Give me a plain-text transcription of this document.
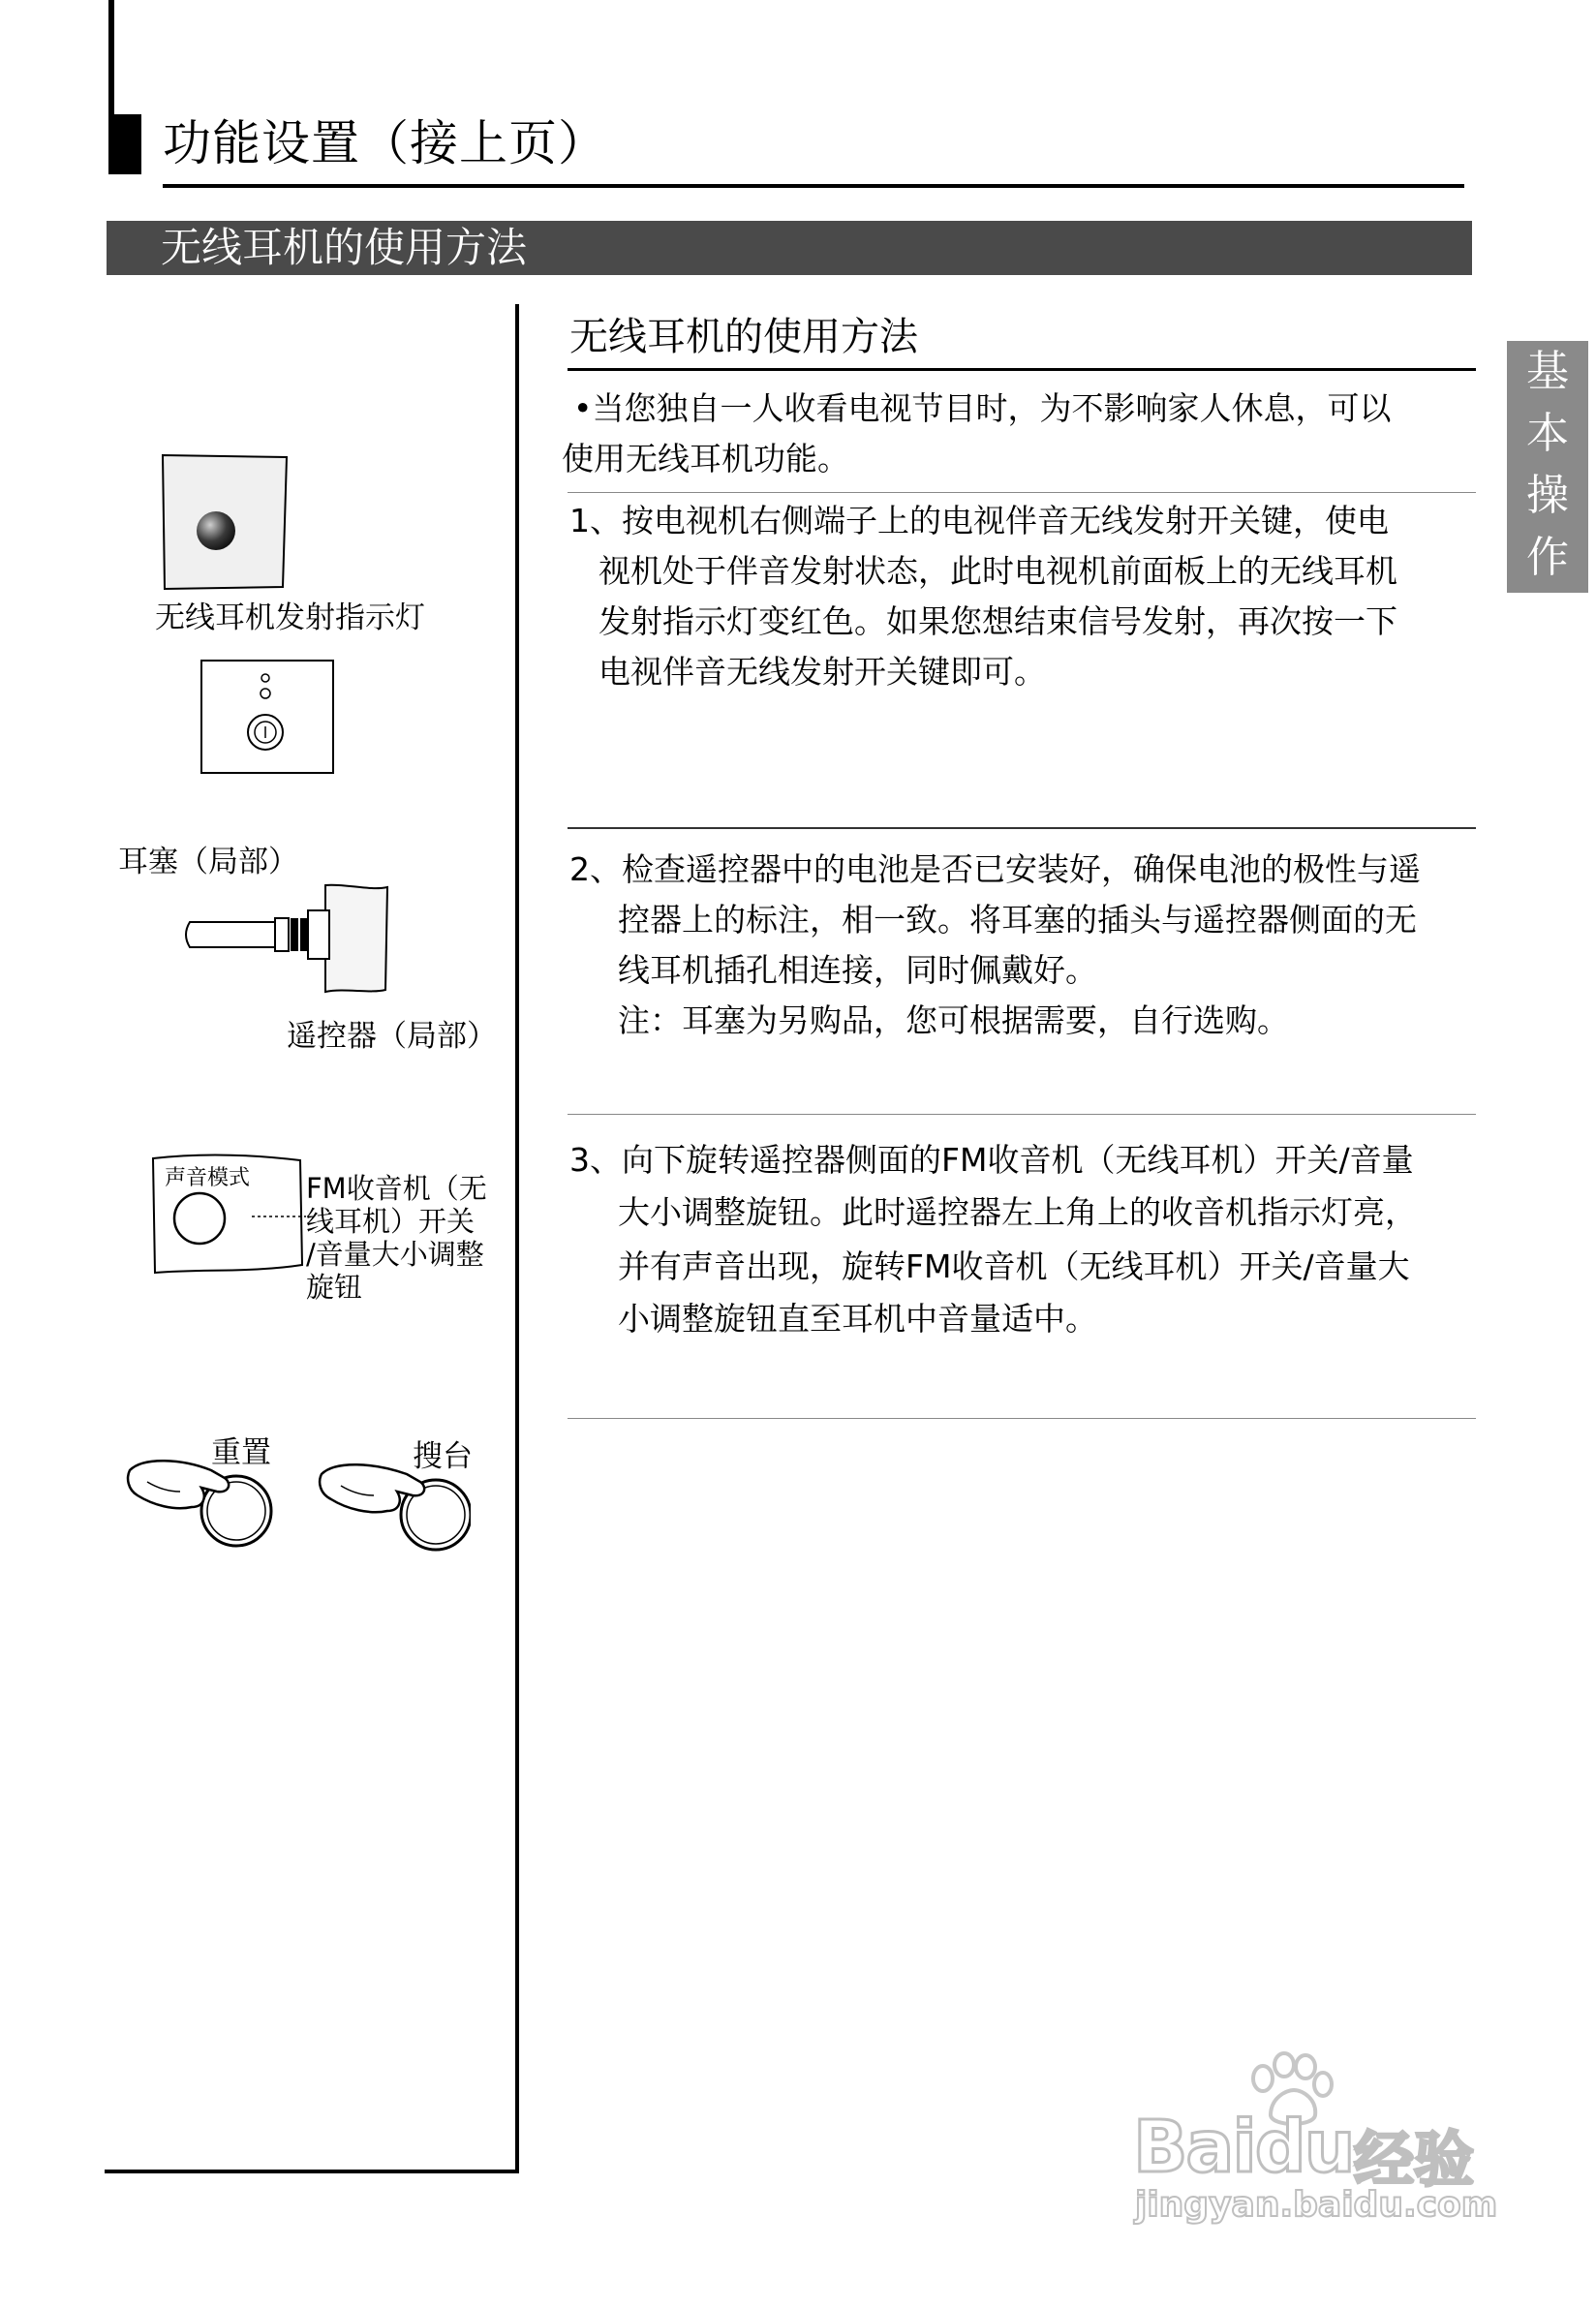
功能设置（接上页）
无线耳机的使用方法
基
本
操
作
无线耳机的使用方法
•当您独自一人收看电视节目时，为不影响家人休息，可以
使用无线耳机功能。
1、按电视机右侧端子上的电视伴音无线发射开关键，使电
视机处于伴音发射状态，此时电视机前面板上的无线耳机
发射指示灯变红色。如果您想结束信号发射，再次按一下
电视伴音无线发射开关键即可。
2、检查遥控器中的电池是否已安装好，确保电池的极性与遥
控器上的标注，相一致。将耳塞的插头与遥控器侧面的无
线耳机插孔相连接，同时佩戴好。
注：耳塞为另购品，您可根据需要，自行选购。
3、向下旋转遥控器侧面的FM收音机（无线耳机）开关/音量
大小调整旋钮。此时遥控器左上角上的收音机指示灯亮，
并有声音出现，旋转FM收音机（无线耳机）开关/音量大
小调整旋钮直至耳机中音量适中。
无线耳机发射指示灯
耳塞（局部）
遥控器（局部）
声音模式 FM收音机（无
线耳机）开关
/音量大小调整
旋钮
重置	搜台
Baidu 经验
jingyan.baidu.com
